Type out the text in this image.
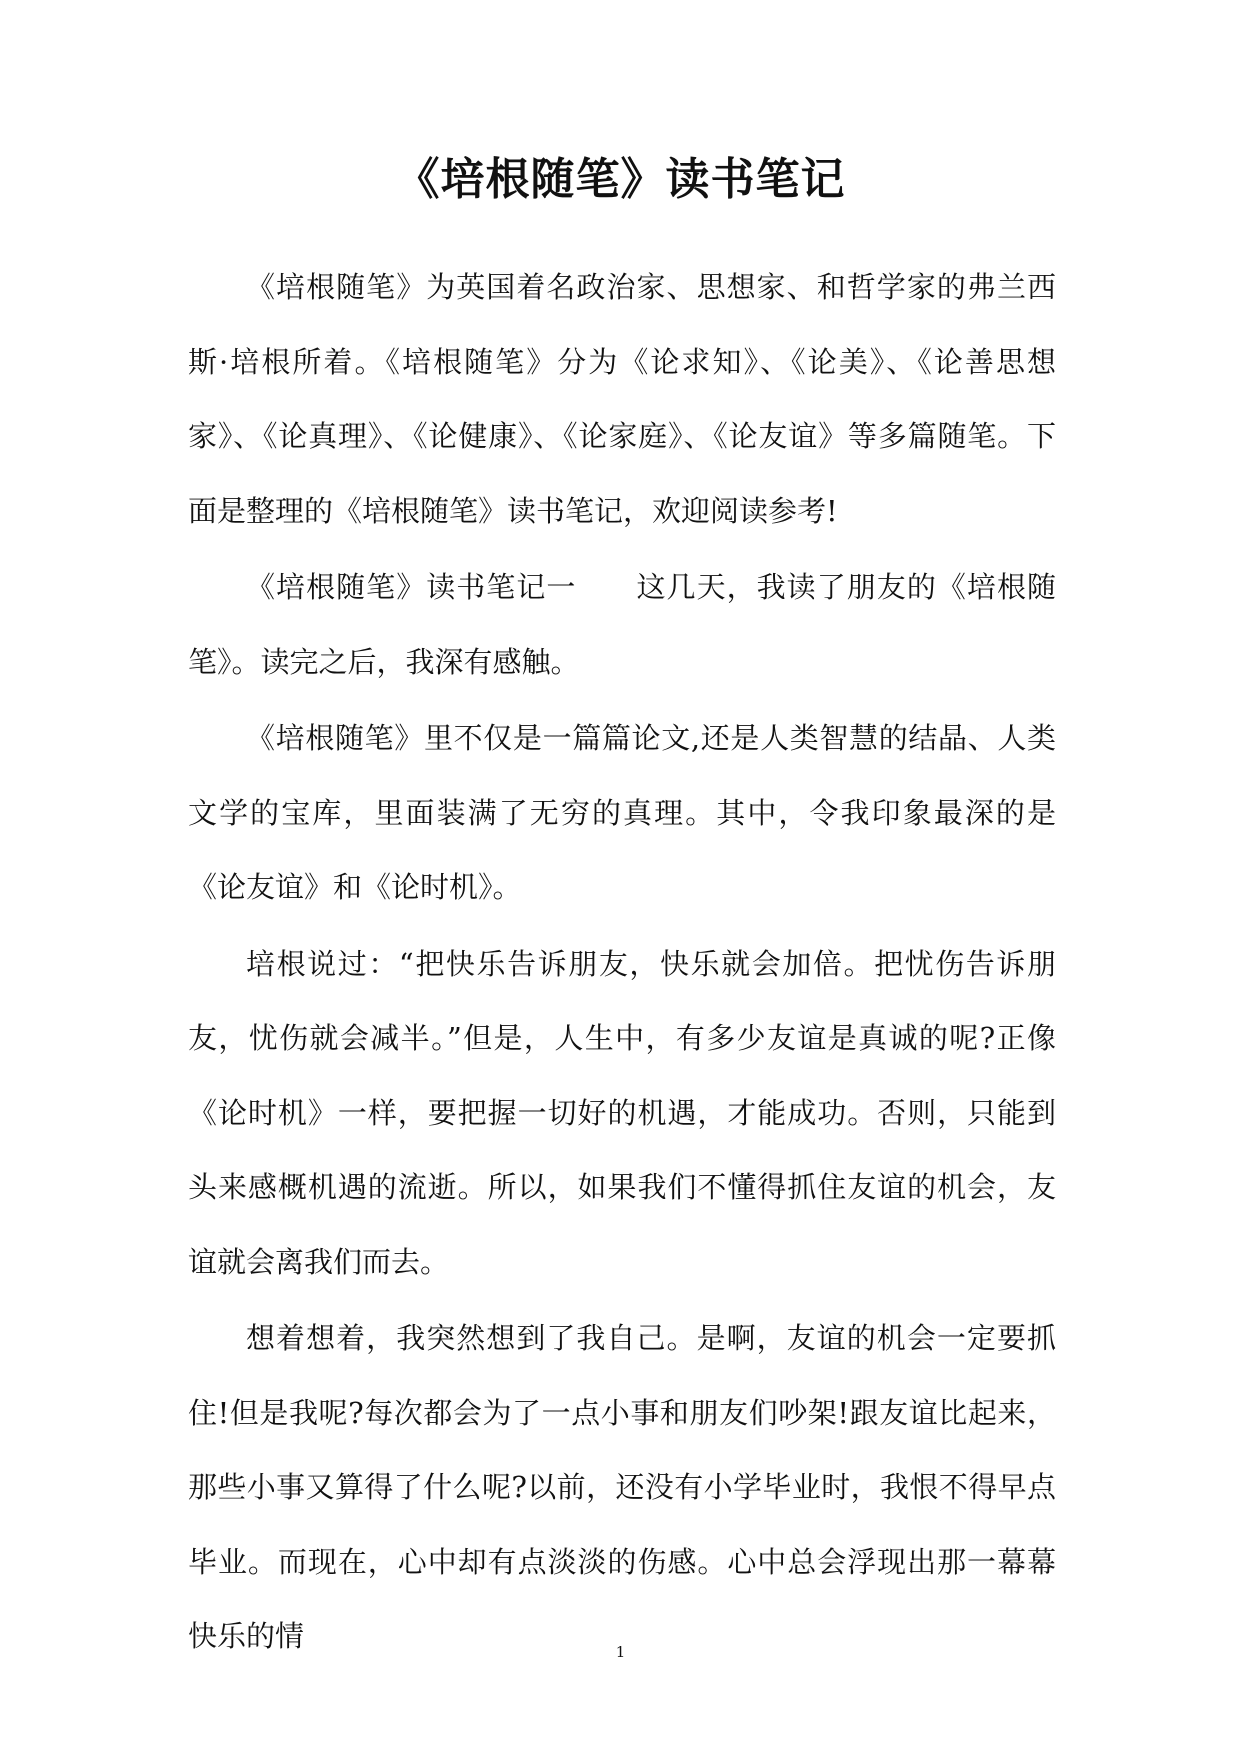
《培根随笔》读书笔记

《培根随笔》为英国着名政治家、思想家、和哲学家的弗兰西斯·培根所着。《培根随笔》分为《论求知》、《论美》、《论善思想家》、《论真理》、《论健康》、《论家庭》、《论友谊》等多篇随笔。下面是整理的《培根随笔》读书笔记，欢迎阅读参考!

《培根随笔》读书笔记一　　这几天，我读了朋友的《培根随笔》。读完之后，我深有感触。

《培根随笔》里不仅是一篇篇论文,还是人类智慧的结晶、人类文学的宝库，里面装满了无穷的真理。其中，令我印象最深的是《论友谊》和《论时机》。

培根说过：“把快乐告诉朋友，快乐就会加倍。把忧伤告诉朋友，忧伤就会减半。”但是，人生中，有多少友谊是真诚的呢?正像《论时机》一样，要把握一切好的机遇，才能成功。否则，只能到头来感概机遇的流逝。所以，如果我们不懂得抓住友谊的机会，友谊就会离我们而去。

想着想着，我突然想到了我自己。是啊，友谊的机会一定要抓住!但是我呢?每次都会为了一点小事和朋友们吵架!跟友谊比起来，那些小事又算得了什么呢?以前，还没有小学毕业时，我恨不得早点毕业。而现在，心中却有点淡淡的伤感。心中总会浮现出那一幕幕快乐的情	1
